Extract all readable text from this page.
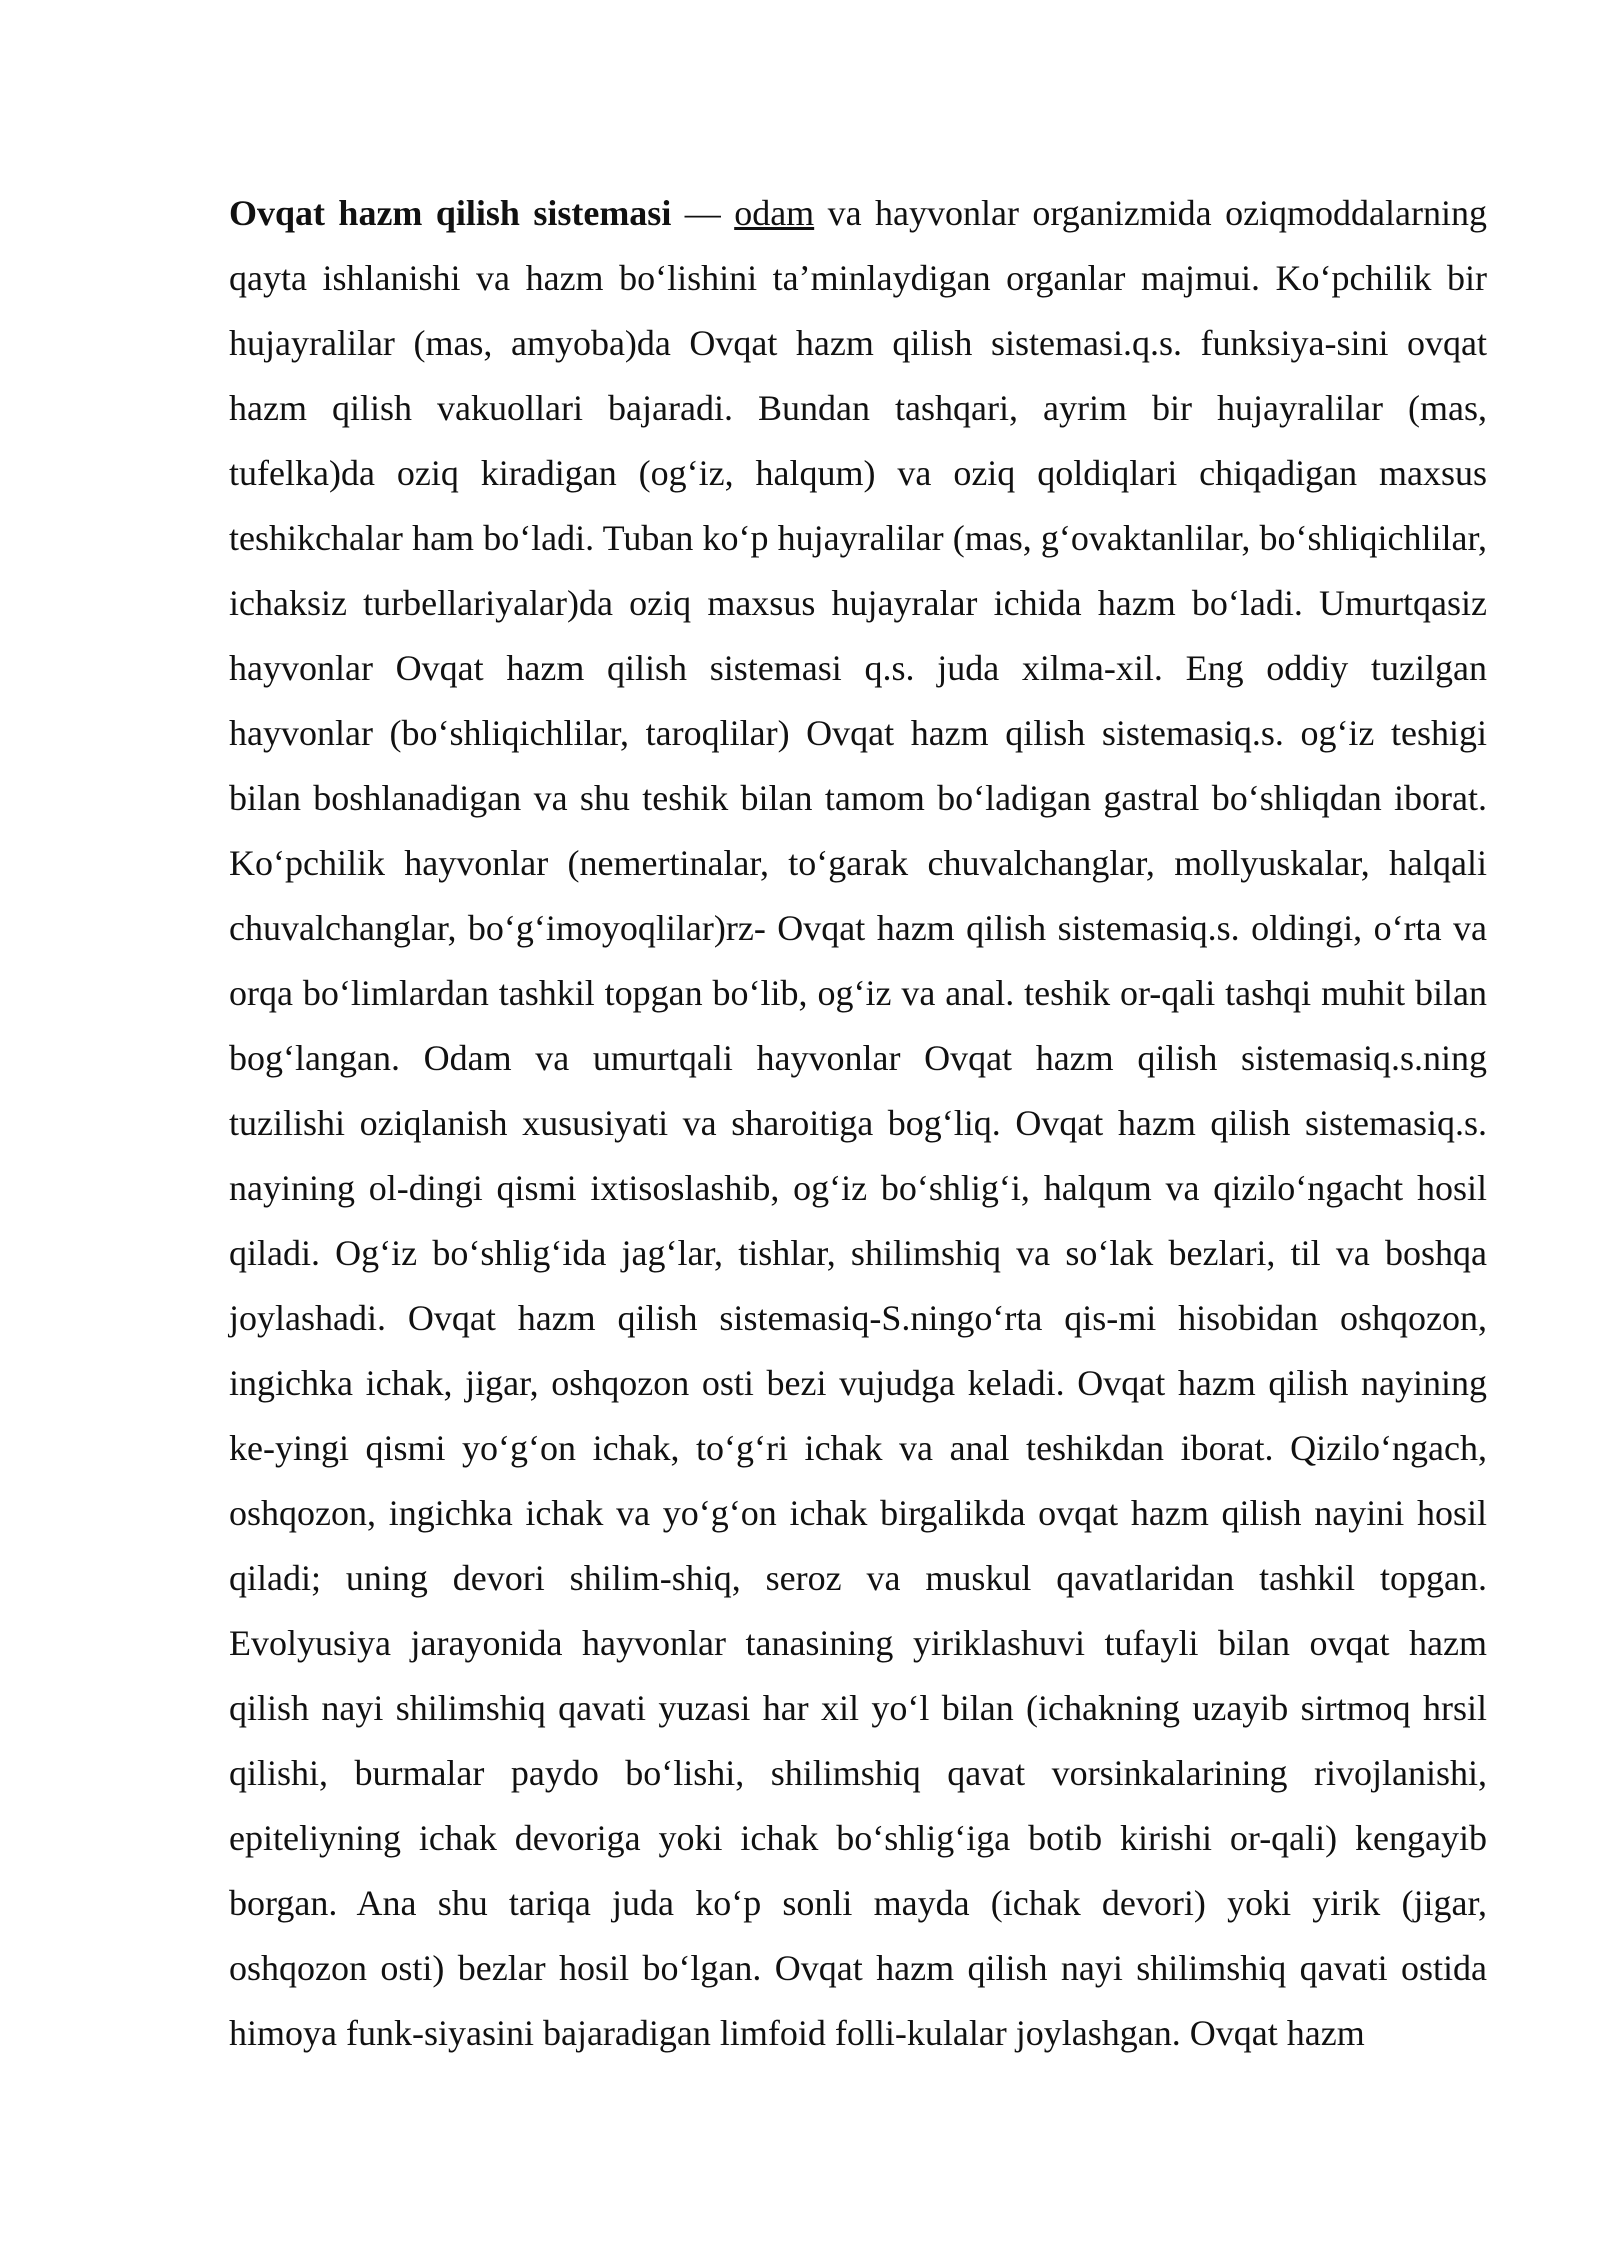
Ovqat hazm qilish sistemasi — odam va hayvonlar organizmida oziqmoddalarning qayta ishlanishi va hazm boʻlishini taʼminlaydigan organlar majmui. Koʻpchilik bir hujayralilar (mas, amyoba)da Ovqat hazm qilish sistemasi.q.s. funksiya-sini ovqat hazm qilish vakuollari bajaradi. Bundan tashqari, ayrim bir hujayralilar (mas, tufelka)da oziq kiradigan (ogʻiz, halqum) va oziq qoldiqlari chiqadigan maxsus teshikchalar ham boʻladi. Tuban koʻp hujayralilar (mas, gʻovaktanlilar, boʻshliqichlilar, ichaksiz turbellariyalar)da oziq maxsus hujayralar ichida hazm boʻladi. Umurtqasiz hayvonlar Ovqat hazm qilish sistemasi q.s. juda xilma-xil. Eng oddiy tuzilgan hayvonlar (boʻshliqichlilar, taroqlilar) Ovqat hazm qilish sistemasiq.s. ogʻiz teshigi bilan boshlanadigan va shu teshik bilan tamom boʻladigan gastral boʻshliqdan iborat. Koʻpchilik hayvonlar (nemertinalar, toʻgarak chuvalchanglar, mollyuskalar, halqali chuvalchanglar, boʻgʻimoyoqlilar)rz- Ovqat hazm qilish sistemasiq.s. oldingi, oʻrta va orqa boʻlimlardan tashkil topgan boʻlib, ogʻiz va anal. teshik or-qali tashqi muhit bilan bogʻlangan. Odam va umurtqali hayvonlar Ovqat hazm qilish sistemasiq.s.ning tuzilishi oziqlanish xususiyati va sharoitiga bogʻliq. Ovqat hazm qilish sistemasiq.s. nayining ol-dingi qismi ixtisoslashib, ogʻiz boʻshligʻi, halqum va qiziloʻngacht hosil qiladi. Ogʻiz boʻshligʻida jagʻlar, tishlar, shilimshiq va soʻlak bezlari, til va boshqa joylashadi. Ovqat hazm qilish sistemasiq-S.ningoʻrta qis-mi hisobidan oshqozon, ingichka ichak, jigar, oshqozon osti bezi vujudga keladi. Ovqat hazm qilish nayining ke-yingi qismi yoʻgʻon ichak, toʻgʻri ichak va anal teshikdan iborat. Qiziloʻngach, oshqozon, ingichka ichak va yoʻgʻon ichak birgalikda ovqat hazm qilish nayini hosil qiladi; uning devori shilim-shiq, seroz va muskul qavatlaridan tashkil topgan. Evolyusiya jarayonida hayvonlar tanasining yiriklashuvi tufayli bilan ovqat hazm qilish nayi shilimshiq qavati yuzasi har xil yoʻl bilan (ichakning uzayib sirtmoq hrsil qilishi, burmalar paydo boʻlishi, shilimshiq qavat vorsinkalarining rivojlanishi, epiteliyning ichak devoriga yoki ichak boʻshligʻiga botib kirishi or-qali) kengayib borgan. Ana shu tariqa juda koʻp sonli mayda (ichak devori) yoki yirik (jigar, oshqozon osti) bezlar hosil boʻlgan. Ovqat hazm qilish nayi shilimshiq qavati ostida himoya funk-siyasini bajaradigan limfoid folli-kulalar joylashgan. Ovqat hazm
